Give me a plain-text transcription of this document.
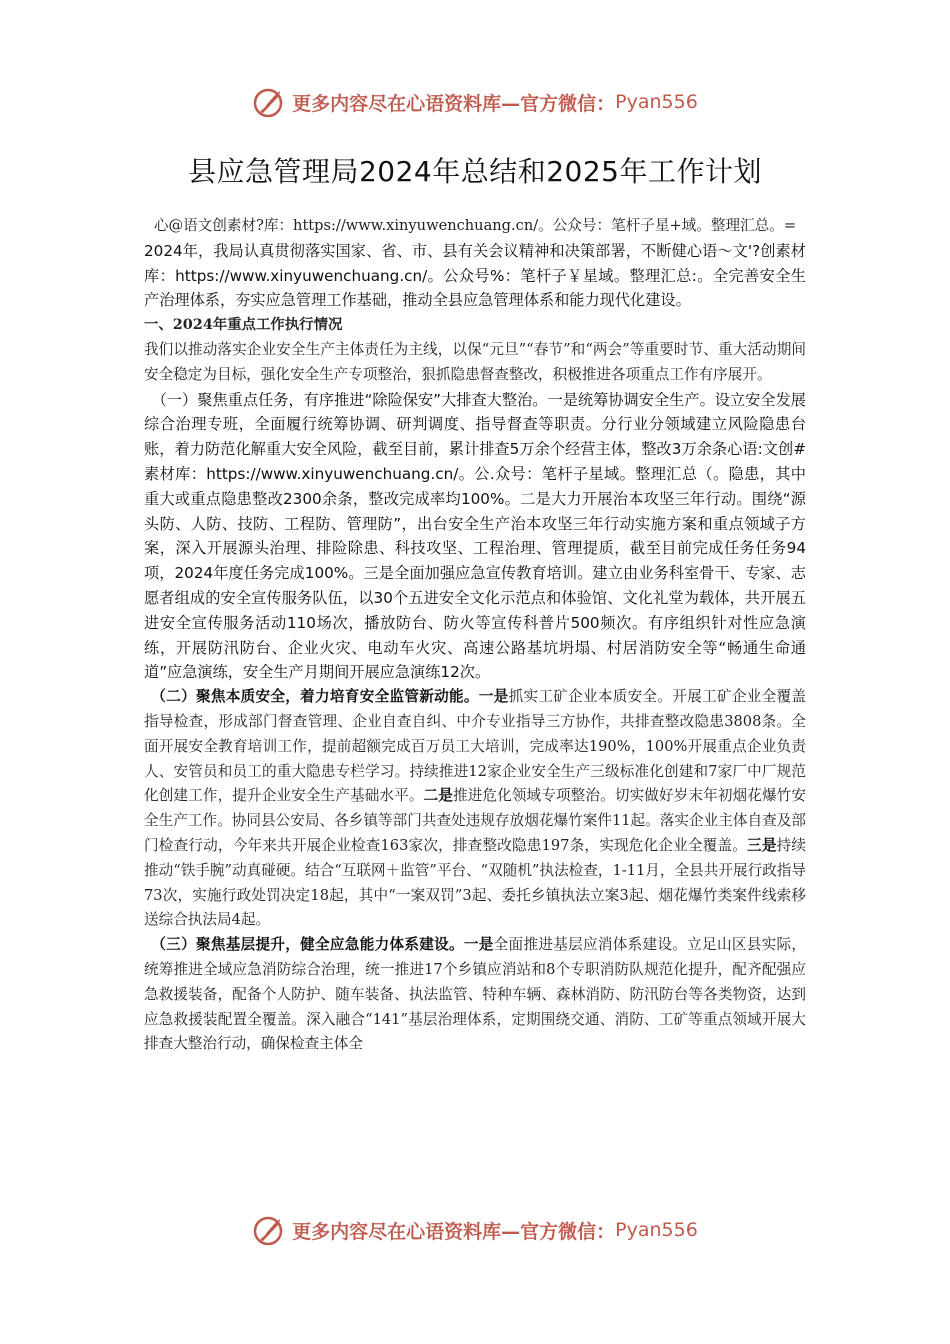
更多内容尽在心语资料库—官方微信： Pyan556
县应急管理局2024年总结和2025年工作计划

心@语文创素材?库：https://www.xinyuwenchuang.cn/。公众号：笔杆子星+域。整理汇总。=

2024年，我局认真贯彻落实国家、省、市、县有关会议精神和决策部署，不断健心语～文'?创素材库：https://www.xinyuwenchuang.cn/。公众号%：笔杆子￥星域。整理汇总:。全完善安全生产治理体系，夯实应急管理工作基础，推动全县应急管理体系和能力现代化建设。

一、2024年重点工作执行情况

我们以推动落实企业安全生产主体责任为主线，以保“元旦”“春节”和“两会”等重要时节、重大活动期间安全稳定为目标，强化安全生产专项整治，狠抓隐患督查整改，积极推进各项重点工作有序展开。

（一）聚焦重点任务，有序推进“除险保安”大排查大整治。一是统筹协调安全生产。设立安全发展综合治理专班，全面履行统筹协调、研判调度、指导督查等职责。分行业分领域建立风险隐患台账，着力防范化解重大安全风险，截至目前，累计排查5万余个经营主体，整改3万余条心语:文创#素材库：https://www.xinyuwenchuang.cn/。公.众号：笔杆子星域。整理汇总（。隐患，其中重大或重点隐患整改2300余条，整改完成率均100%。二是大力开展治本攻坚三年行动。围绕“源头防、人防、技防、工程防、管理防”，出台安全生产治本攻坚三年行动实施方案和重点领域子方案，深入开展源头治理、排险除患、科技攻坚、工程治理、管理提质，截至目前完成任务任务94项，2024年度任务完成100%。三是全面加强应急宣传教育培训。建立由业务科室骨干、专家、志愿者组成的安全宣传服务队伍，以30个五进安全文化示范点和体验馆、文化礼堂为载体，共开展五进安全宣传服务活动110场次，播放防台、防火等宣传科普片500频次。有序组织针对性应急演练，开展防汛防台、企业火灾、电动车火灾、高速公路基坑坍塌、村居消防安全等“畅通生命通道”应急演练，安全生产月期间开展应急演练12次。

（二）聚焦本质安全，着力培育安全监管新动能。一是抓实工矿企业本质安全。开展工矿企业全覆盖指导检查，形成部门督查管理、企业自查自纠、中介专业指导三方协作，共排查整改隐患3808条。全面开展安全教育培训工作，提前超额完成百万员工大培训，完成率达190%，100%开展重点企业负责人、安管员和员工的重大隐患专栏学习。持续推进12家企业安全生产三级标准化创建和7家厂中厂规范化创建工作，提升企业安全生产基础水平。二是推进危化领域专项整治。切实做好岁末年初烟花爆竹安全生产工作。协同县公安局、各乡镇等部门共查处违规存放烟花爆竹案件11起。落实企业主体自查及部门检查行动，今年来共开展企业检查163家次，排查整改隐患197条，实现危化企业全覆盖。三是持续推动“铁手腕”动真碰硬。结合“互联网＋监管”平台、“双随机”执法检查，1-11月，全县共开展行政指导73次，实施行政处罚决定18起，其中“一案双罚”3起、委托乡镇执法立案3起、烟花爆竹类案件线索移送综合执法局4起。

（三）聚焦基层提升，健全应急能力体系建设。一是全面推进基层应消体系建设。立足山区县实际，统筹推进全域应急消防综合治理，统一推进17个乡镇应消站和8个专职消防队规范化提升，配齐配强应急救援装备，配备个人防护、随车装备、执法监管、特种车辆、森林消防、防汛防台等各类物资，达到应急救援装配置全覆盖。深入融合“141”基层治理体系，定期围绕交通、消防、工矿等重点领域开展大排查大整治行动，确保检查主体全

更多内容尽在心语资料库—官方微信： Pyan556
